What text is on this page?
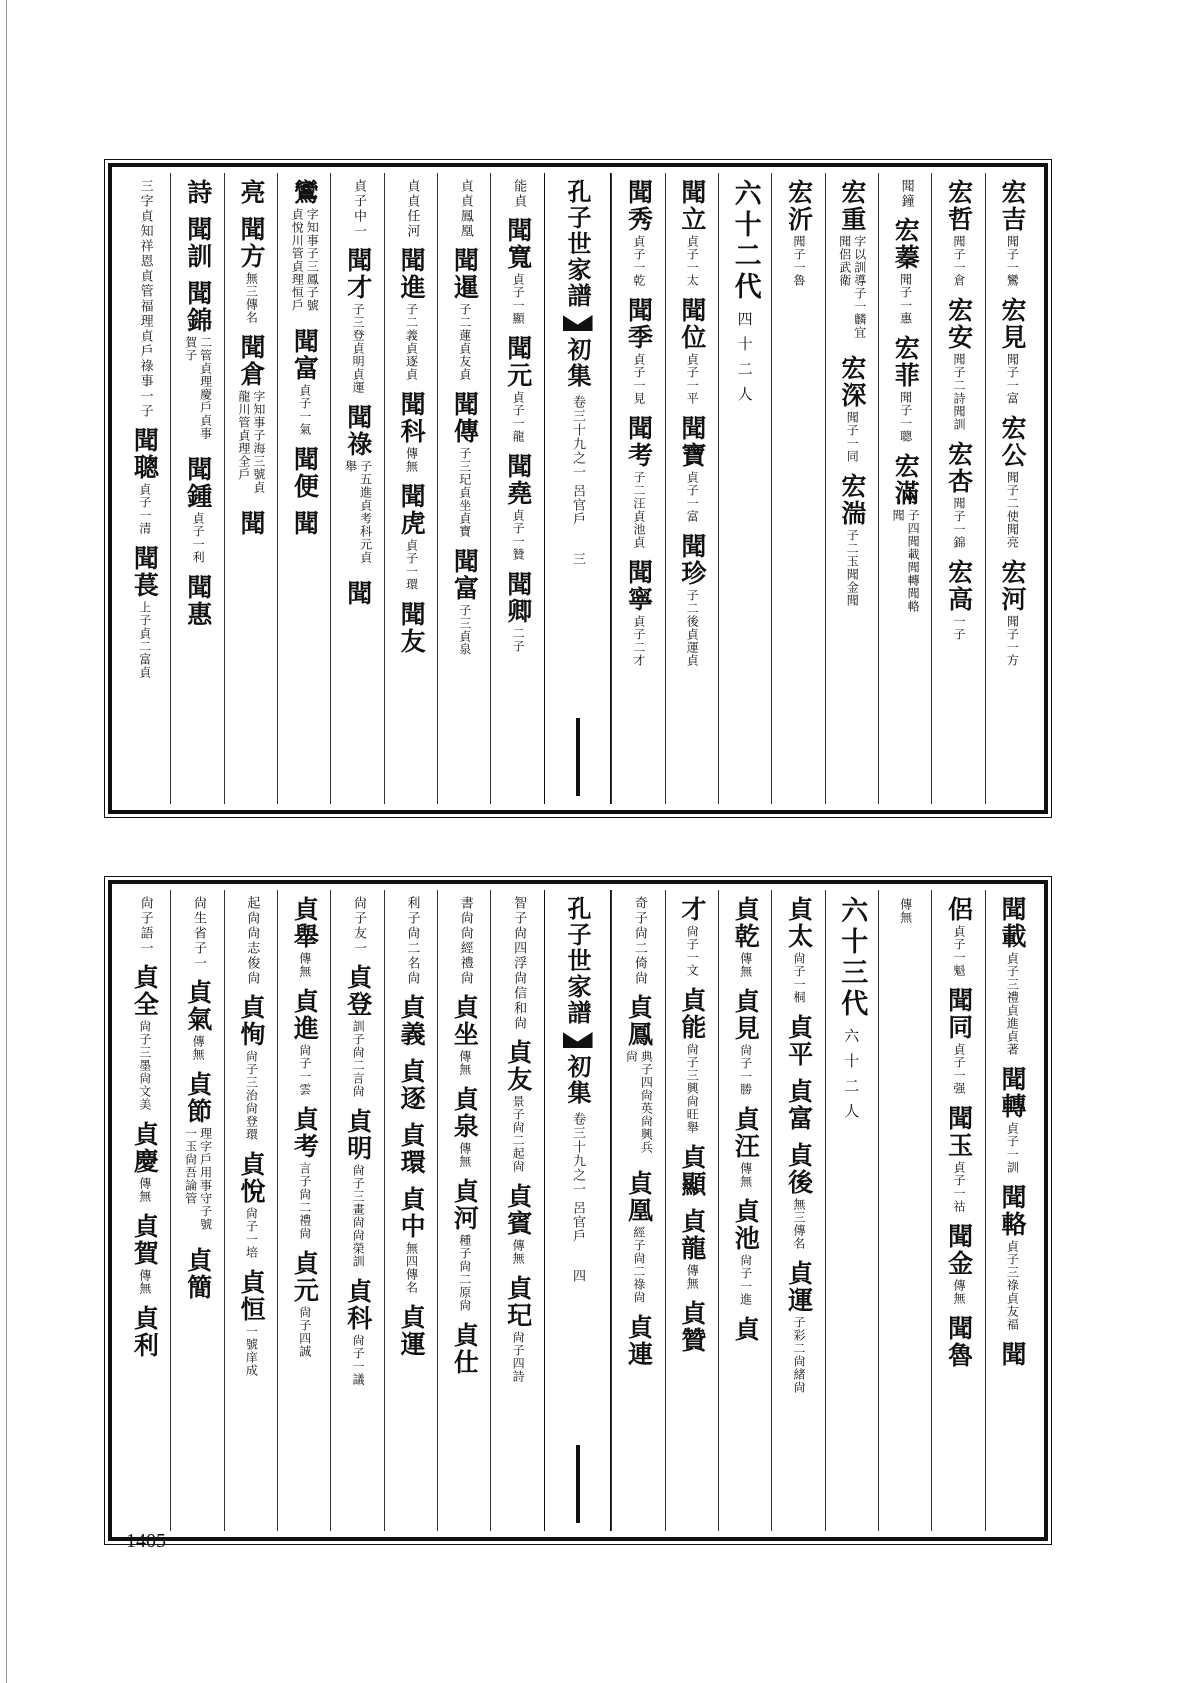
宏吉
聞子一鸞
宏見
聞子一富
宏公
聞子二使聞亮
宏河
聞子一方
宏哲
聞子一倉
宏安
聞子二詩聞訓
宏杏
聞子一錦
宏高
一子
聞鐘
宏蓁
聞子一惠
宏菲
聞子一聰
宏滿
子四聞載聞轉聞輅聞
宏重
字以訓導子一麟宜聞侶武衛
宏深
聞子一同
宏湍
子二玉聞金聞
宏沂
聞子一魯
六十二代
四十二人
聞立
貞子一太
聞位
貞子一平
聞寶
貞子一富
聞珍
子二後貞運貞
聞秀
貞子一乾
聞季
貞子一見
聞考
子二汪貞池貞
聞寧
貞子二才
孔子世家譜
初集
卷三十九之一 呂官戶
三
能貞
聞寬
貞子一顯
聞元
貞子一龍
聞堯
貞子一贊
聞卿
二子
貞貞鳳凰
聞暹
子二蓮貞友貞
聞傳
子三玘貞坐貞寶
聞富
子三貞泉
貞貞任河
聞進
子二義貞逐貞
聞科
傳無
聞虎
貞子一環
聞友
貞子中一
聞才
子三登貞明貞運
聞祿
子五進貞考科元貞舉
聞
鸞
字知事子三鳳子號貞悅川管貞理恒戶
聞富
貞子一氣
聞便
聞
亮
聞方
無三傳名
聞倉
字知事子海三號貞龍川管貞理全戶
聞
詩
聞訓
聞錦
二管貞理慶戶貞事賀子
聞鍾
貞子一利
聞惠
三字貞知祥恩貞管福理貞戶祿事一子
聞聰
貞子一清
聞萇
上子貞二富貞
聞載
貞子三禮貞進貞著
聞轉
貞子一訓
聞輅
貞子三祿貞友福
聞
侶
貞子一魁
聞同
貞子一强
聞玉
貞子一祜
聞金
傳無
聞魯
傳無
六十三代
六十二人
貞太
尙子一桐
貞平
貞富
貞後
無三傳名
貞運
子彩二尙緒尙
貞乾
傳無
貞見
尙子一勝
貞汪
傳無
貞池
尙子一進
貞
才
尙子一文
貞能
尙子三興尙旺舉
貞顯
貞龍
傳無
貞贊
奇子尙二倚尙
貞鳳
典子四尙英尙興兵尙
貞凰
經子尙二祿尙
貞連
孔子世家譜
初集
卷三十九之一 呂官戶
四
智子尙四浮尙信和尙
貞友
景子尙二起尙
貞賓
傳無
貞玘
尙子四詩
書尙尙經禮尙
貞坐
傳無
貞泉
傳無
貞河
種子尙二原尙
貞仕
利子尙二名尙
貞義
貞逐
貞環
貞中
無四傳名
貞運
尙子友一
貞登
訓子尙二言尙
貞明
尙子三畫尙尙榮訓
貞科
尙子一議
貞舉
傳無
貞進
尙子一雲
貞考
言子尙二禮尙
貞元
尙子四誠
起尙尙志俊尙
貞恂
尙子三治尙登環
貞悅
尙子一培
貞恒
一號庠成
尙生省子一
貞氣
傳無
貞節
理字戶用事守子號一玉尙吾論管
貞簡
尙子語一
貞全
尙子三墨尙文美
貞慶
傳無
貞賀
傳無
貞利
1405
